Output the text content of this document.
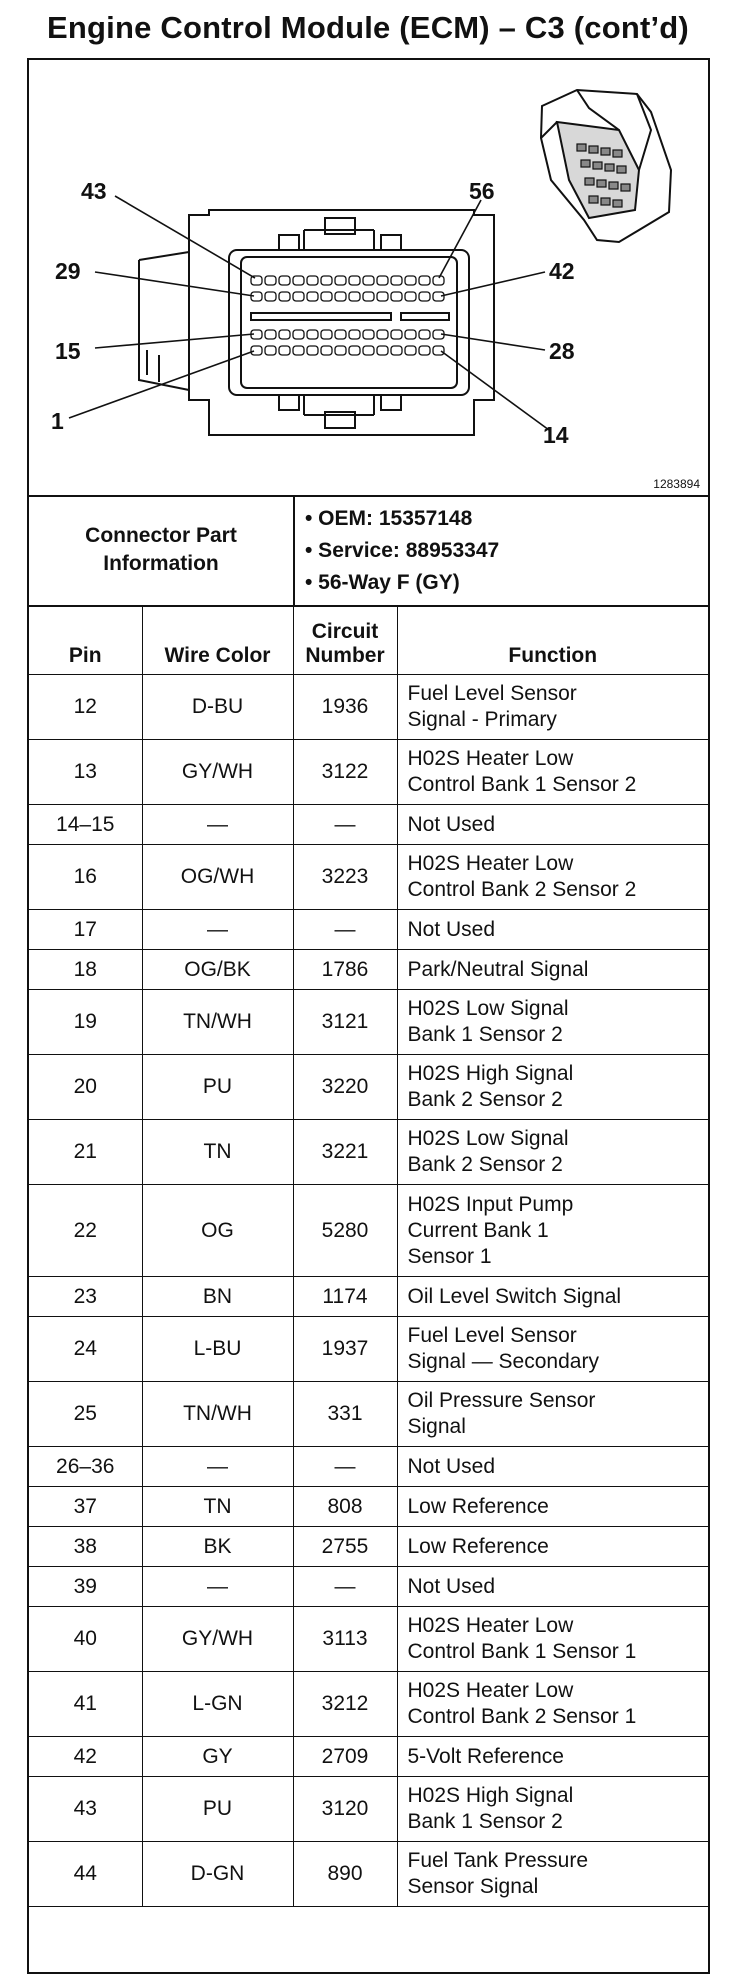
Engine Control Module (ECM) – C3 (cont’d)
43	56
29	42
15	28
1
14
1283894
Connector Part
Information
• OEM: 15357148
• Service: 88953347
• 56-Way F (GY)
Pin	Wire Color	Circuit
Number	Function
12	D-BU	1936	Fuel Level Sensor
Signal - Primary

13	GY/WH	3122	H02S Heater Low
Control Bank 1 Sensor 2

14–15	—	—	Not Used

16	OG/WH	3223	H02S Heater Low
Control Bank 2 Sensor 2

17	—	—	Not Used

18	OG/BK	1786	Park/Neutral Signal

19	TN/WH	3121	H02S Low Signal
Bank 1 Sensor 2

20	PU	3220	H02S High Signal
Bank 2 Sensor 2

21	TN	3221	H02S Low Signal
Bank 2 Sensor 2

22	OG	5280	H02S Input Pump
Current Bank 1
Sensor 1

23	BN	1174	Oil Level Switch Signal

24	L-BU	1937	Fuel Level Sensor
Signal — Secondary

25	TN/WH	331	Oil Pressure Sensor
Signal

26–36	—	—	Not Used

37	TN	808	Low Reference

38	BK	2755	Low Reference

39	—	—	Not Used

40	GY/WH	3113	H02S Heater Low
Control Bank 1 Sensor 1

41	L-GN	3212	H02S Heater Low
Control Bank 2 Sensor 1

42	GY	2709	5-Volt Reference

43	PU	3120	H02S High Signal
Bank 1 Sensor 2

44	D-GN	890	Fuel Tank Pressure
Sensor Signal
